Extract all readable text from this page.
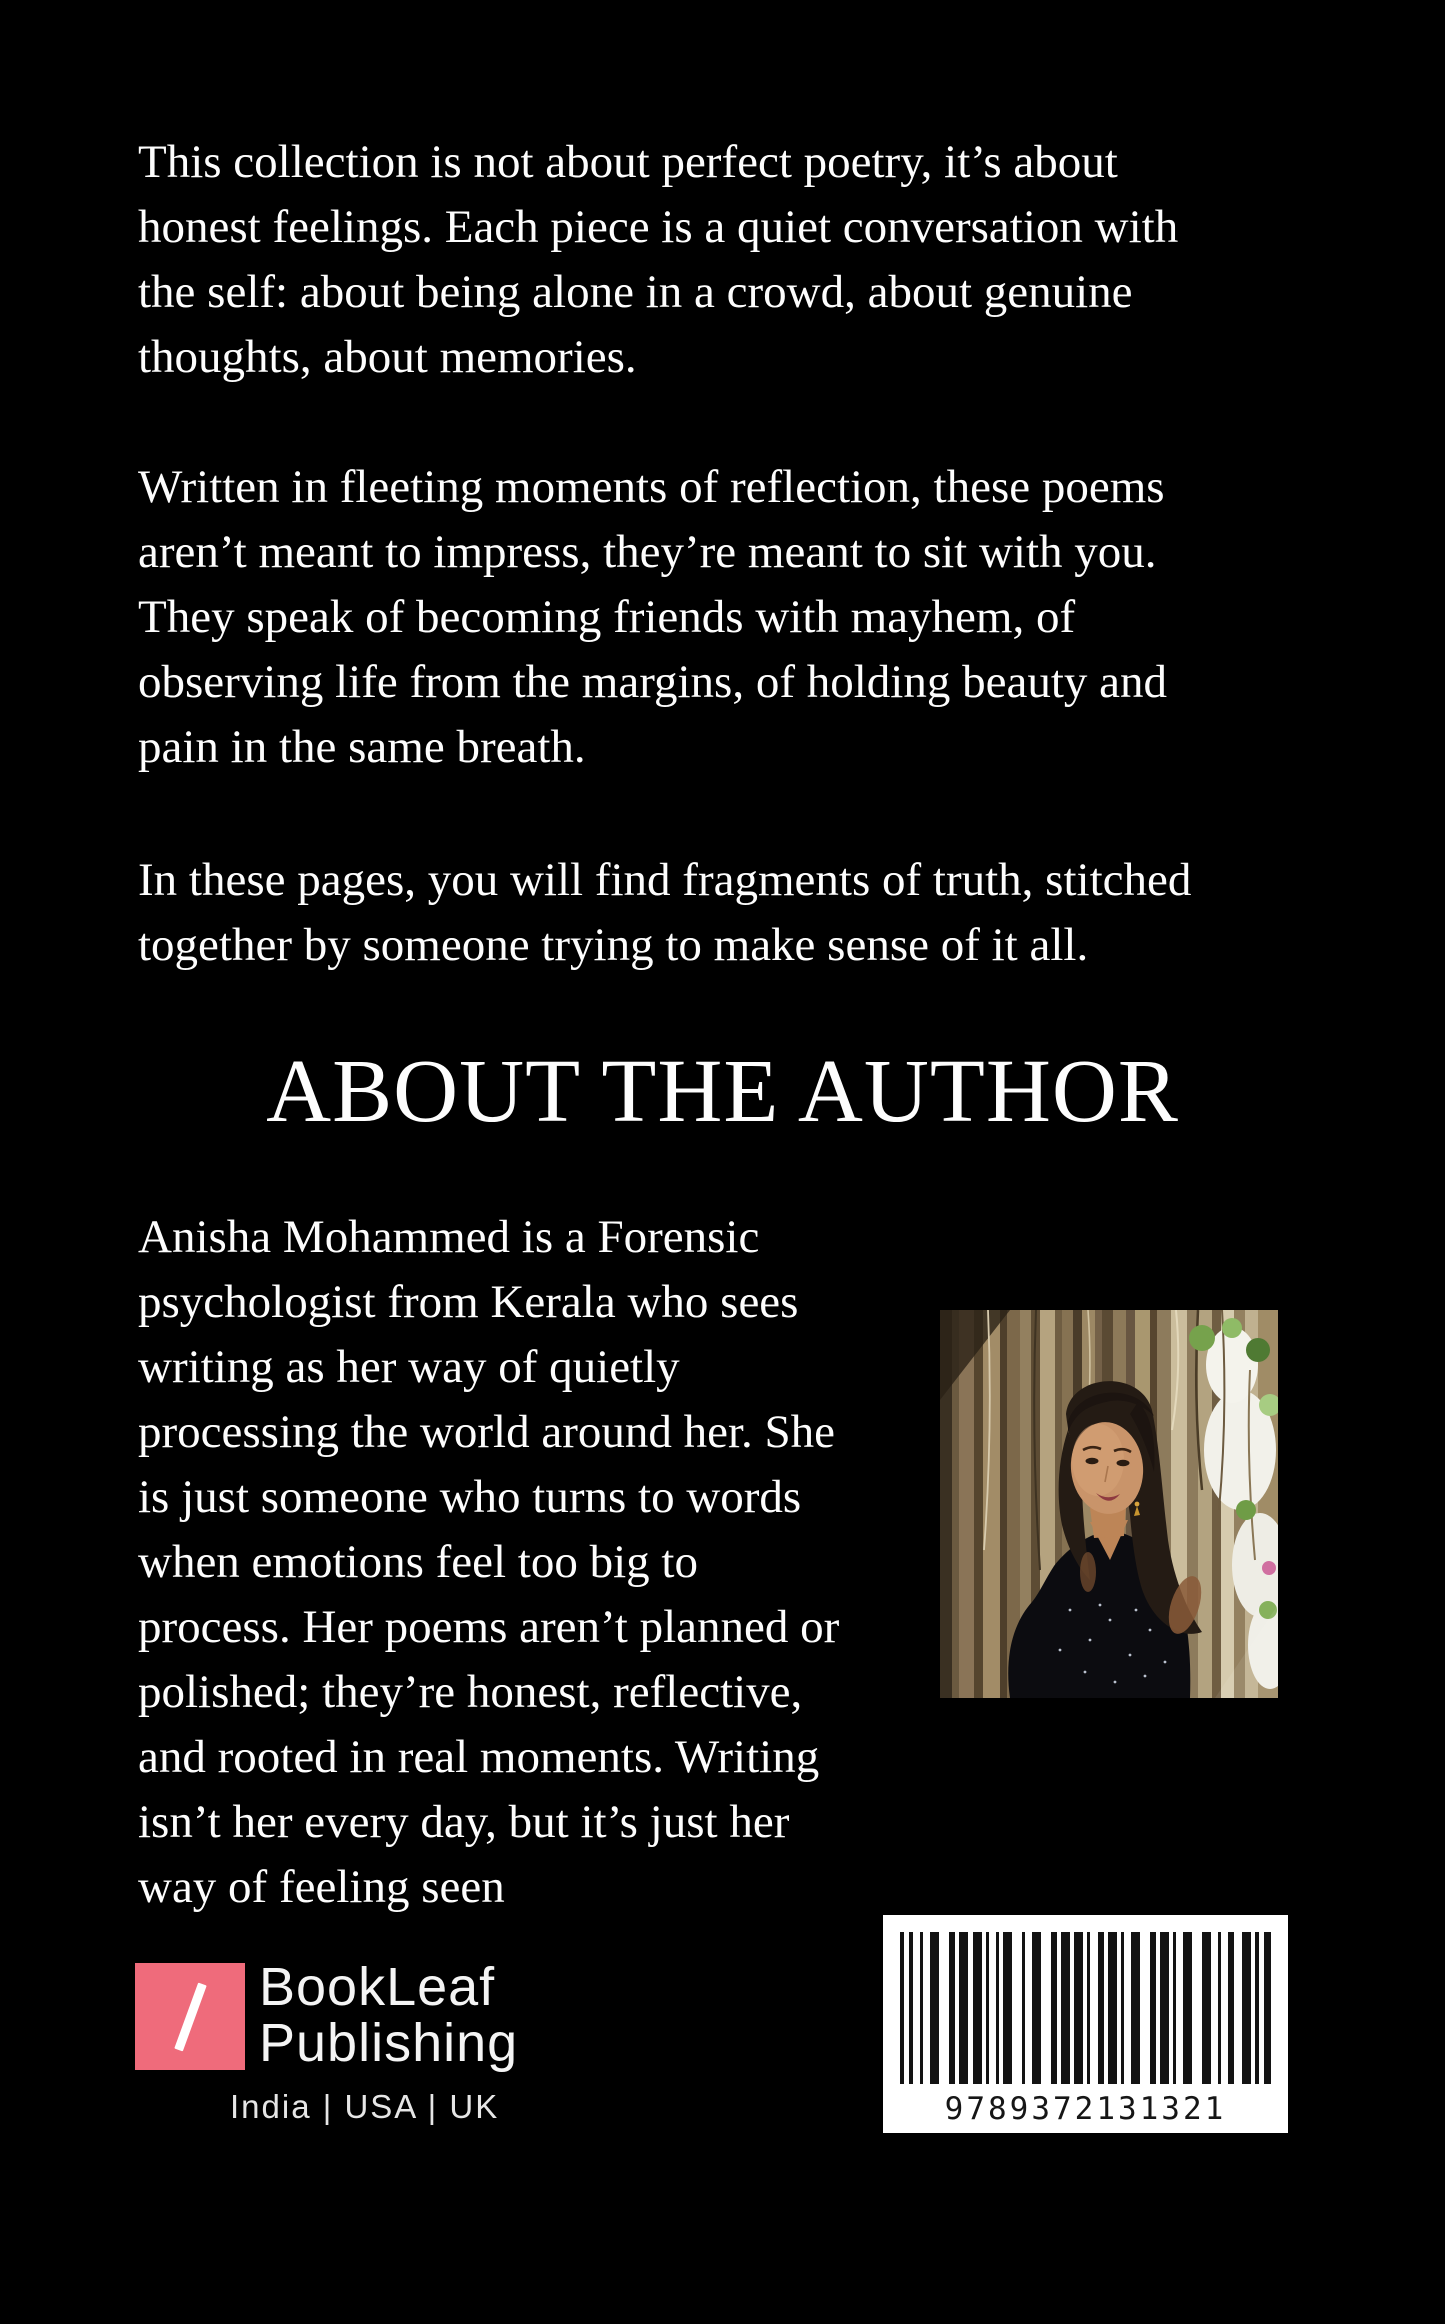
This collection is not about perfect poetry, it’s about
honest feelings. Each piece is a quiet conversation with
the self: about being alone in a crowd, about genuine
thoughts, about memories.
Written in fleeting moments of reflection, these poems
aren’t meant to impress, they’re meant to sit with you.
They speak of becoming friends with mayhem, of
observing life from the margins, of holding beauty and
pain in the same breath.
In these pages, you will find fragments of truth, stitched
together by someone trying to make sense of it all.
ABOUT THE AUTHOR
Anisha Mohammed is a Forensic
psychologist from Kerala who sees
writing as her way of quietly
processing the world around her. She
is just someone who turns to words
when emotions feel too big to
process. Her poems aren’t planned or
polished; they’re honest, reflective,
and rooted in real moments. Writing
isn’t her every day, but it’s just her
way of feeling seen
BookLeaf
Publishing
India | USA | UK	9789372131321
